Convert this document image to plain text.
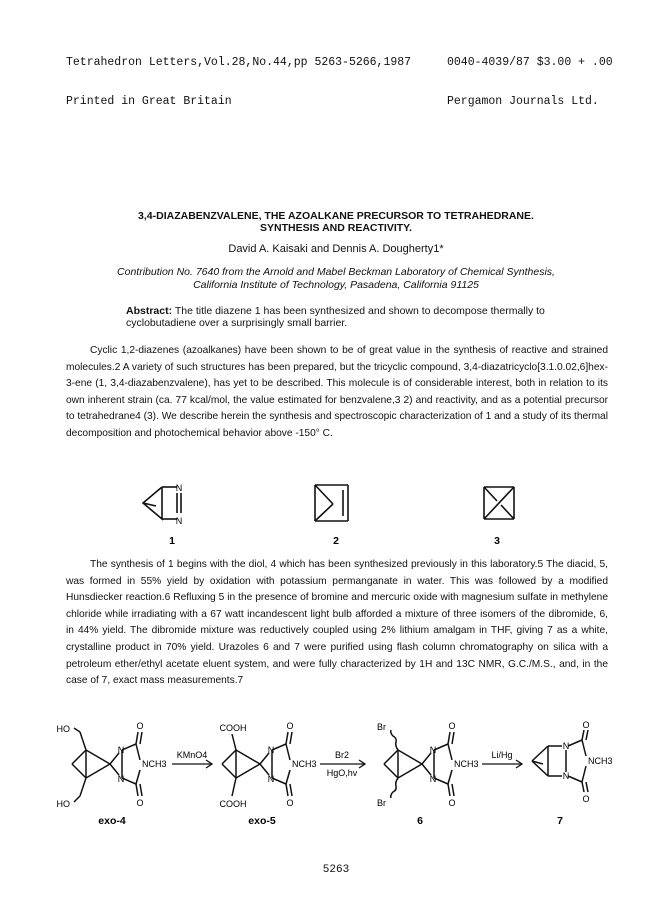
Tetrahedron Letters,Vol.28,No.44,pp 5263-5266,1987

Printed in Great Britain

0040-4039/87 $3.00 + .00

Pergamon Journals Ltd.

3,4-DIAZABENZVALENE, THE AZOALKANE PRECURSOR TO TETRAHEDRANE.
SYNTHESIS AND REACTIVITY.
David A. Kaisaki and Dennis A. Dougherty1*
Contribution No. 7640 from the Arnold and Mabel Beckman Laboratory of Chemical Synthesis,
California Institute of Technology, Pasadena, California 91125
Abstract: The title diazene 1 has been synthesized and shown to decompose thermally to cyclobutadiene over a surprisingly small barrier.

Cyclic 1,2-diazenes (azoalkanes) have been shown to be of great value in the synthesis of reactive and strained molecules.2 A variety of such structures has been prepared, but the tricyclic compound, 3,4-diazatricyclo[3.1.0.02,6]hex-3-ene (1, 3,4-diazabenzvalene), has yet to be described. This molecule is of considerable interest, both in relation to its own inherent strain (ca. 77 kcal/mol, the value estimated for benzvalene,3 2) and reactivity, and as a potential precursor to tetrahedrane4 (3). We describe herein the synthesis and spectroscopic characterization of 1 and a study of its thermal decomposition and photochemical behavior above -150° C.

N
N
1	2	3

The synthesis of 1 begins with the diol, 4 which has been synthesized previously in this laboratory.5 The diacid, 5, was formed in 55% yield by oxidation with potassium permanganate in water. This was followed by a modified Hunsdiecker reaction.6 Refluxing 5 in the presence of bromine and mercuric oxide with magnesium sulfate in methylene chloride while irradiating with a 67 watt incandescent light bulb afforded a mixture of three isomers of the dibromide, 6, in 44% yield. The dibromide mixture was reductively coupled using 2% lithium amalgam in THF, giving 7 as a white, crystalline product in 70% yield. Urazoles 6 and 7 were purified using flash column chromatography on silica with a petroleum ether/ethyl acetate eluent system, and were fully characterized by 1H and 13C NMR, G.C./M.S., and, in the case of 7, exact mass measurements.7

HO
HO
N
N
O
O
NCH3
exo-4
KMnO4
COOH
COOH
N
N
O
O
NCH3
exo-5
Br2
HgO,hv
Br
Br
N
N
O
O
NCH3
6
Li/Hg
N
N
O
O
NCH3
7
5263
